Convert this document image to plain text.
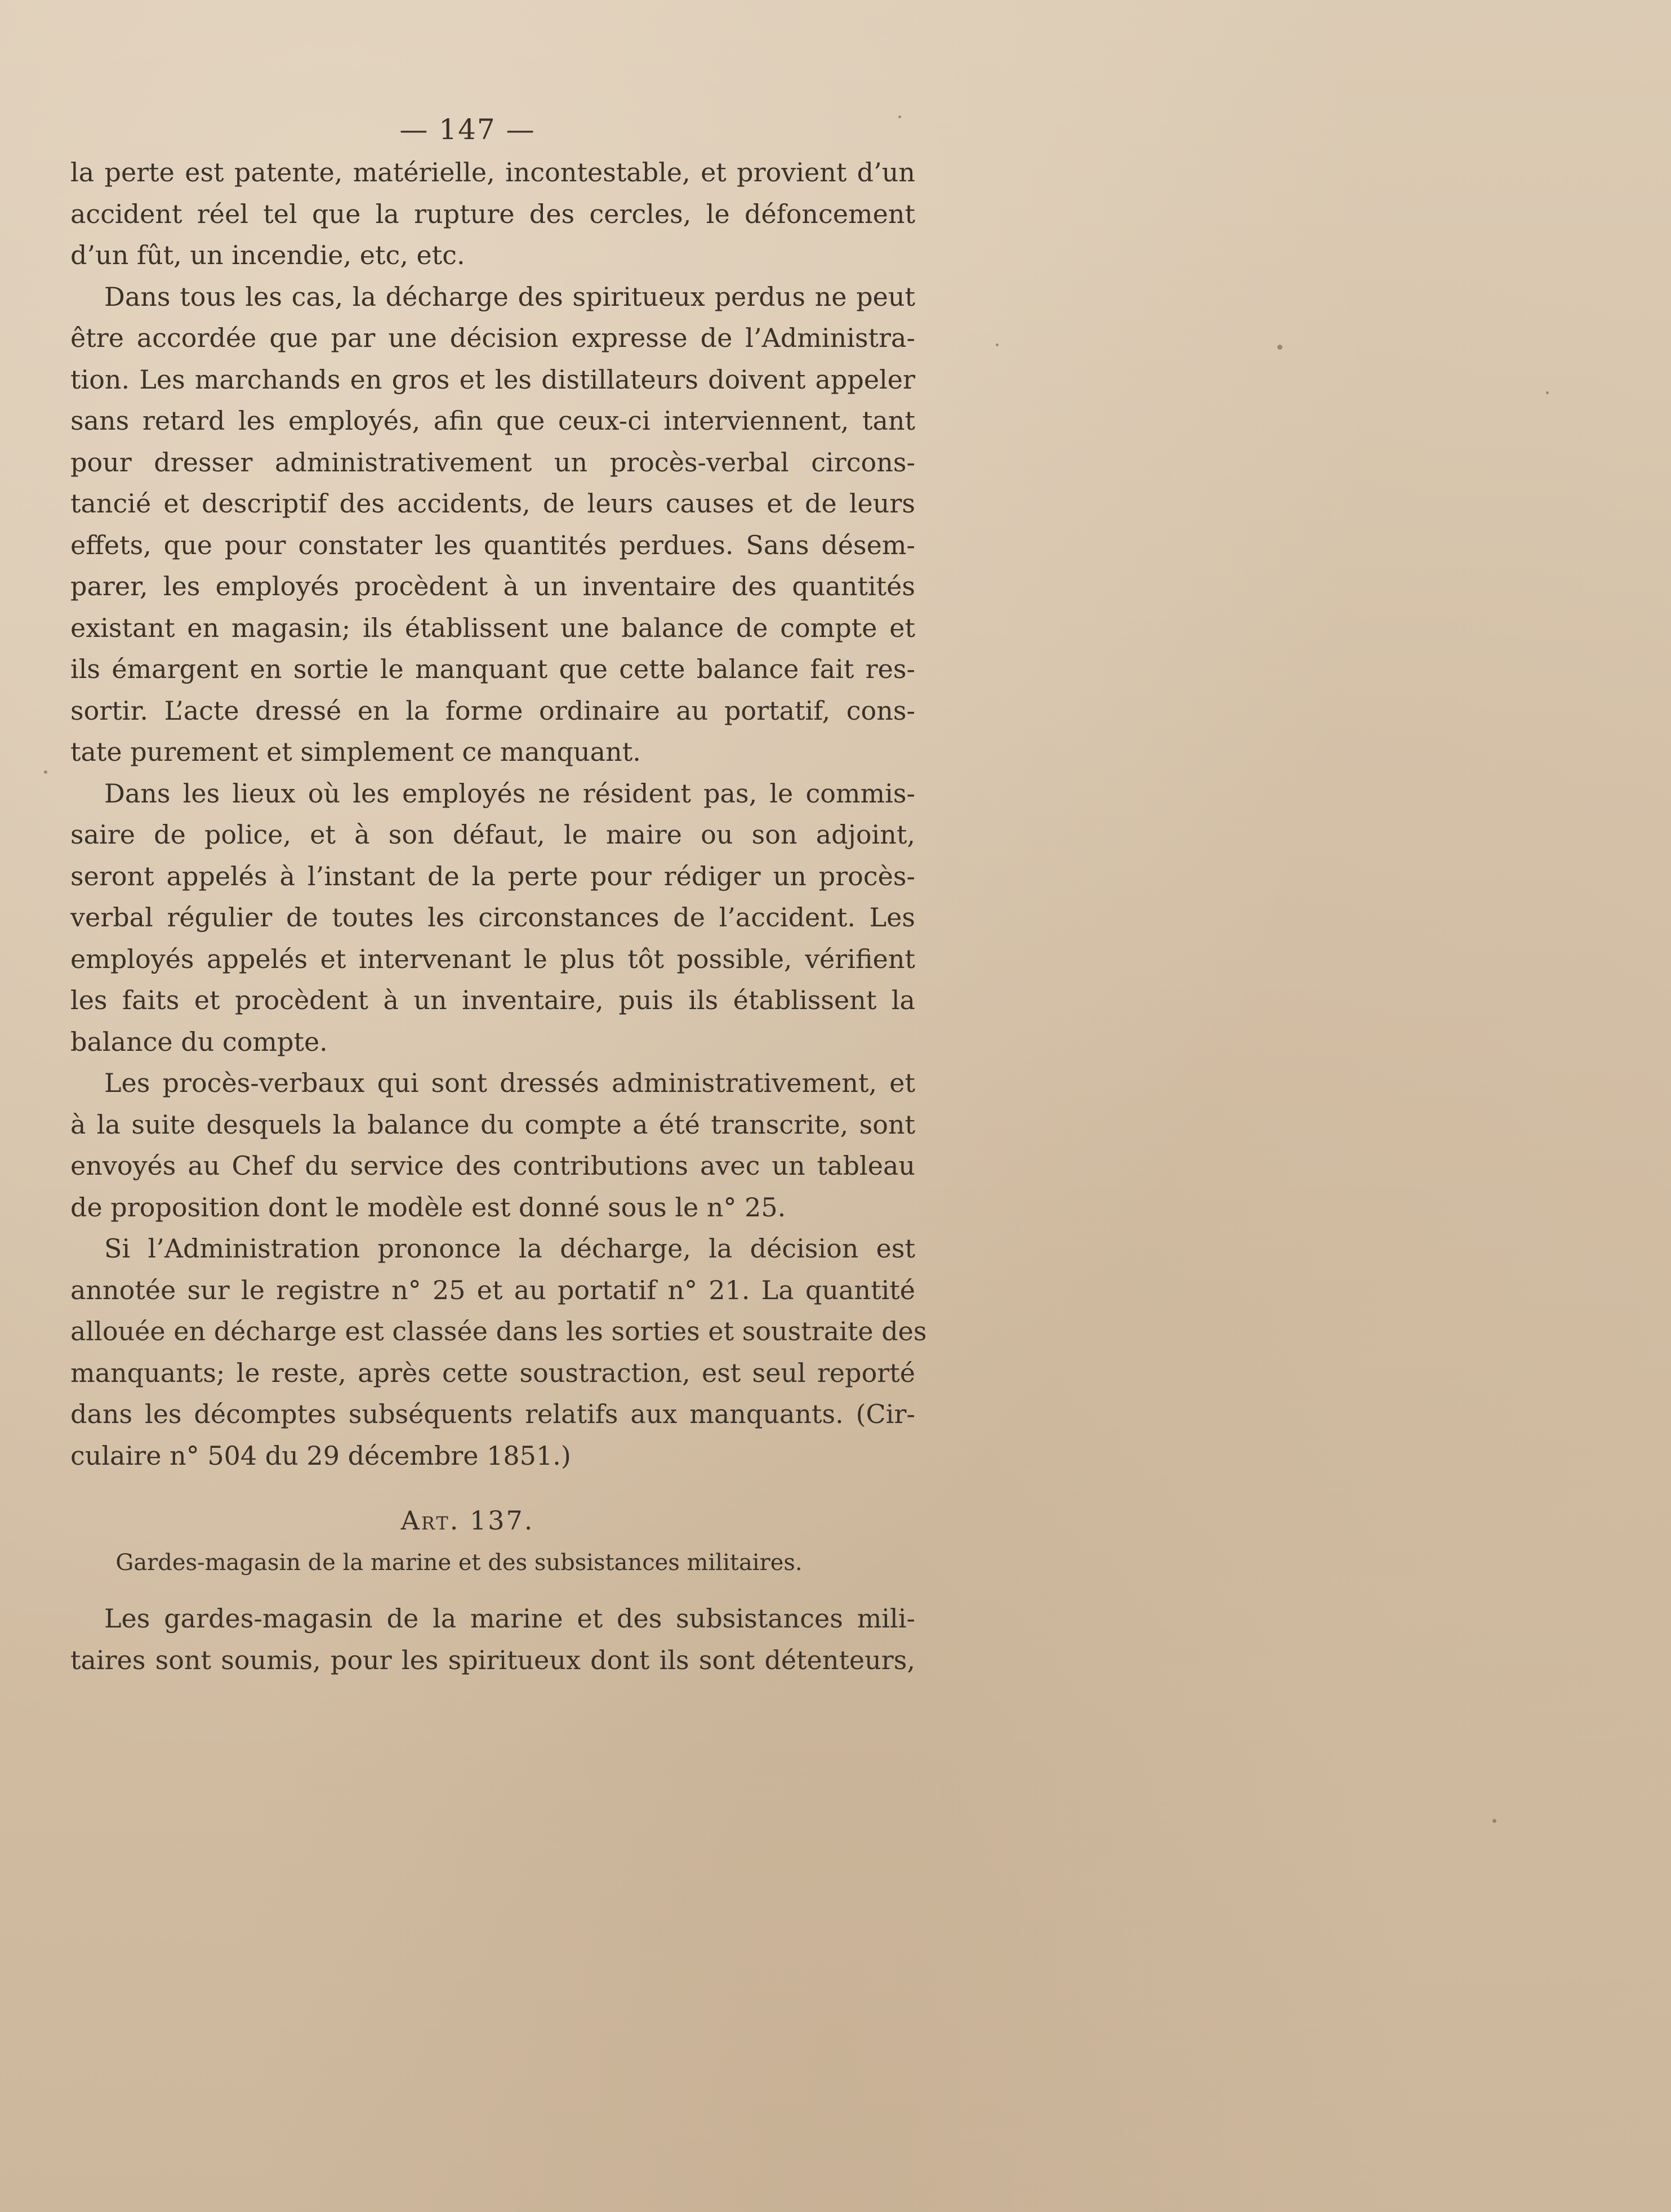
— 147 —
la perte est patente, matérielle, incontestable, et provient d’un
accident réel tel que la rupture des cercles, le défoncement
d’un fût, un incendie, etc, etc.
Dans tous les cas, la décharge des spiritueux perdus ne peut
être accordée que par une décision expresse de l’Administra-
tion. Les marchands en gros et les distillateurs doivent appeler
sans retard les employés, afin que ceux-ci interviennent, tant
pour dresser administrativement un procès-verbal circons-
tancié et descriptif des accidents, de leurs causes et de leurs
effets, que pour constater les quantités perdues. Sans désem-
parer, les employés procèdent à un inventaire des quantités
existant en magasin; ils établissent une balance de compte et
ils émargent en sortie le manquant que cette balance fait res-
sortir. L’acte dressé en la forme ordinaire au portatif, cons-
tate purement et simplement ce manquant.
Dans les lieux où les employés ne résident pas, le commis-
saire de police, et à son défaut, le maire ou son adjoint,
seront appelés à l’instant de la perte pour rédiger un procès-
verbal régulier de toutes les circonstances de l’accident. Les
employés appelés et intervenant le plus tôt possible, vérifient
les faits et procèdent à un inventaire, puis ils établissent la
balance du compte.
Les procès-verbaux qui sont dressés administrativement, et
à la suite desquels la balance du compte a été transcrite, sont
envoyés au Chef du service des contributions avec un tableau
de proposition dont le modèle est donné sous le n° 25.
Si l’Administration prononce la décharge, la décision est
annotée sur le registre n° 25 et au portatif n° 21. La quantité
allouée en décharge est classée dans les sorties et soustraite des
manquants; le reste, après cette soustraction, est seul reporté
dans les décomptes subséquents relatifs aux manquants. (Cir-
culaire n° 504 du 29 décembre 1851.)
Art. 137.
Gardes-magasin de la marine et des subsistances militaires.
Les gardes-magasin de la marine et des subsistances mili-
taires sont soumis, pour les spiritueux dont ils sont détenteurs,
